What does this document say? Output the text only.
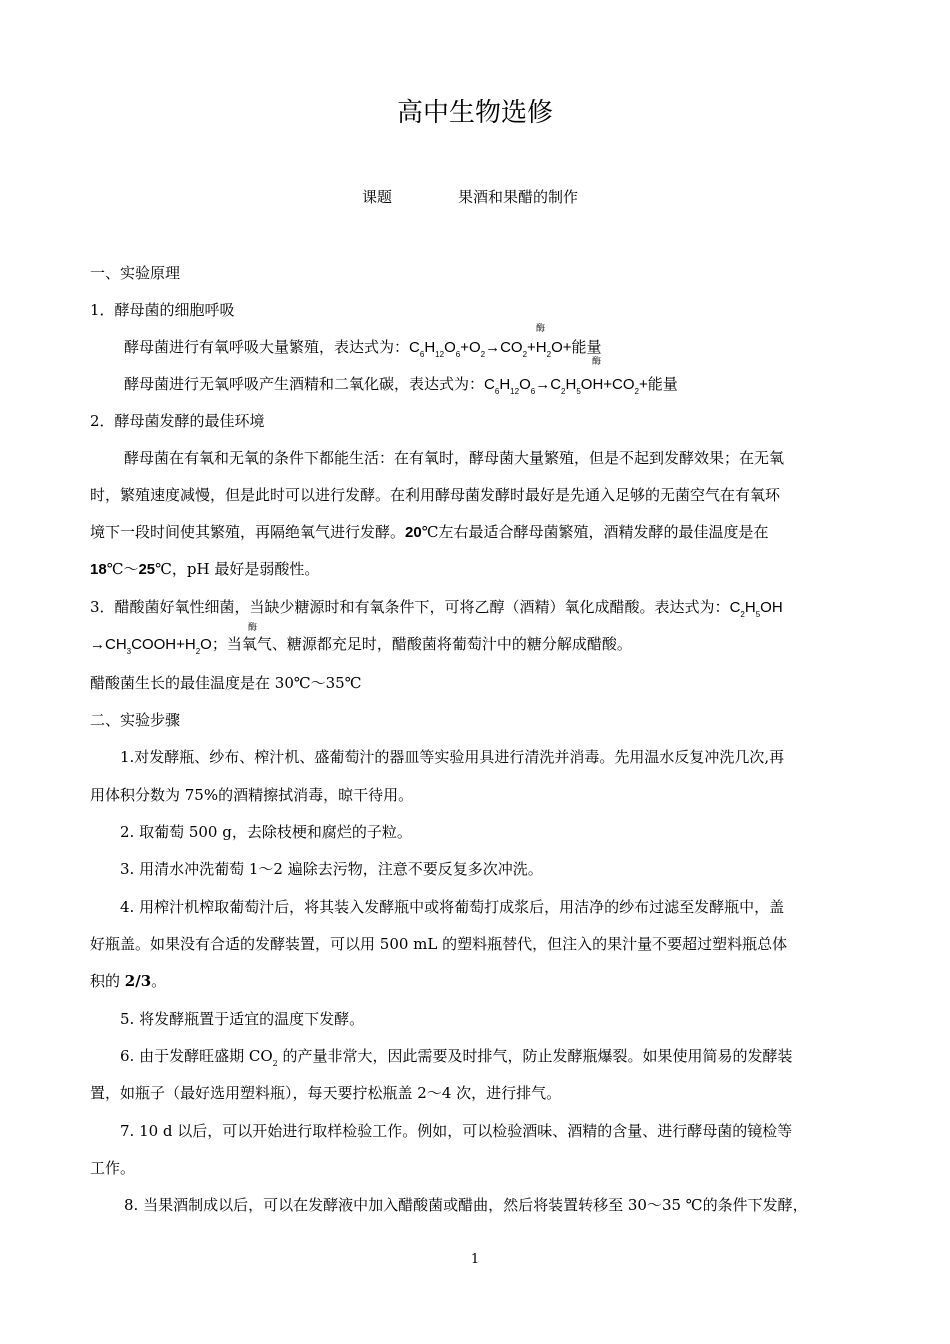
高中生物选修
课题	果酒和果醋的制作
一、实验原理
1．酵母菌的细胞呼吸
酵母菌进行有氧呼吸大量繁殖，表达式为：$C_6H_{12}O_6+O_2\to CO_2+H_2O+$能量
酶
酵母菌进行无氧呼吸产生酒精和二氧化碳，表达式为：$C_6H_{12}O_6\to C_2H_5OH+CO_2+$能量
酶
2．酵母菌发酵的最佳环境
酵母菌在有氧和无氧的条件下都能生活：在有氧时，酵母菌大量繁殖，但是不起到发酵效果；在无氧
时，繁殖速度减慢，但是此时可以进行发酵。在利用酵母菌发酵时最好是先通入足够的无菌空气在有氧环
境下一段时间使其繁殖，再隔绝氧气进行发酵。20℃左右最适合酵母菌繁殖，酒精发酵的最佳温度是在
18℃～25℃，pH 最好是弱酸性。
3．醋酸菌好氧性细菌，当缺少糖源时和有氧条件下，可将乙醇（酒精）氧化成醋酸。表达式为：$C_2H_5OH$
酶
$\to CH_3COOH+H_2O$；当氧气、糖源都充足时，醋酸菌将葡萄汁中的糖分解成醋酸。
醋酸菌生长的最佳温度是在 30℃～35℃
二、实验步骤
1.对发酵瓶、纱布、榨汁机、盛葡萄汁的器皿等实验用具进行清洗并消毒。先用温水反复冲洗几次,再
用体积分数为 75%的酒精擦拭消毒，晾干待用。
2. 取葡萄 500 g，去除枝梗和腐烂的子粒。
3. 用清水冲洗葡萄 1～2 遍除去污物，注意不要反复多次冲洗。
4. 用榨汁机榨取葡萄汁后，将其装入发酵瓶中或将葡萄打成浆后，用洁净的纱布过滤至发酵瓶中，盖
好瓶盖。如果没有合适的发酵装置，可以用 500 mL 的塑料瓶替代，但注入的果汁量不要超过塑料瓶总体
积的 2/3。
5. 将发酵瓶置于适宜的温度下发酵。
6. 由于发酵旺盛期 $CO_2$ 的产量非常大，因此需要及时排气，防止发酵瓶爆裂。如果使用简易的发酵装
置，如瓶子（最好选用塑料瓶），每天要拧松瓶盖 2～4 次，进行排气。
7. 10 d 以后，可以开始进行取样检验工作。例如，可以检验酒味、酒精的含量、进行酵母菌的镜检等
工作。
8. 当果酒制成以后，可以在发酵液中加入醋酸菌或醋曲，然后将装置转移至 30～35 ℃的条件下发酵，
1
